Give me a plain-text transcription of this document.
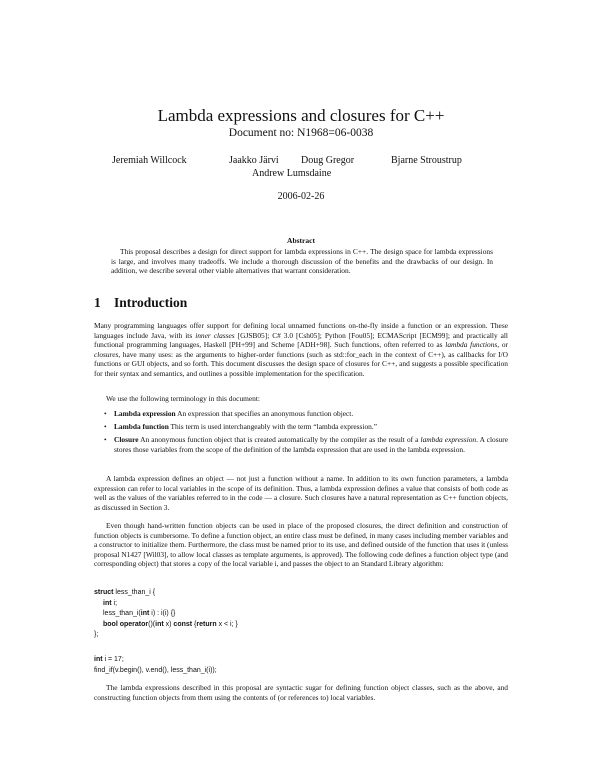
Lambda expressions and closures for C++
Document no: N1968=06-0038
Jeremiah Willcock	Jaakko Järvi Doug Gregor	Bjarne Stroustrup
Andrew Lumsdaine
2006-02-26
Abstract
This proposal describes a design for direct support for lambda expressions in C++. The design space for lambda expressions is large, and involves many tradeoffs. We include a thorough discussion of the benefits and the drawbacks of our design. In addition, we describe several other viable alternatives that warrant consideration.
1 Introduction
Many programming languages offer support for defining local unnamed functions on-the-fly inside a function or an expression. These languages include Java, with its inner classes [GJSB05]; C# 3.0 [Csh05]; Python [Fou05]; ECMAScript [ECM99]; and practically all functional programming languages, Haskell [PH+99] and Scheme [ADH+98]. Such functions, often referred to as lambda functions, or closures, have many uses: as the arguments to higher-order functions (such as std::for_each in the context of C++), as callbacks for I/O functions or GUI objects, and so forth. This document discusses the design space of closures for C++, and suggests a possible specification for their syntax and semantics, and outlines a possible implementation for the specification.
We use the following terminology in this document:
• Lambda expression An expression that specifies an anonymous function object.
• Lambda function This term is used interchangeably with the term “lambda expression.”
• Closure An anonymous function object that is created automatically by the compiler as the result of a lambda expression. A closure stores those variables from the scope of the definition of the lambda expression that are used in the lambda expression.
A lambda expression defines an object — not just a function without a name. In addition to its own function parameters, a lambda expression can refer to local variables in the scope of its definition. Thus, a lambda expression defines a value that consists of both code as well as the values of the variables referred to in the code — a closure. Such closures have a natural representation as C++ function objects, as discussed in Section 3.
Even though hand-written function objects can be used in place of the proposed closures, the direct definition and construction of function objects is cumbersome. To define a function object, an entire class must be defined, in many cases including member variables and a constructor to initialize them. Furthermore, the class must be named prior to its use, and defined outside of the function that uses it (unless proposal N1427 [Wil03], to allow local classes as template arguments, is approved). The following code defines a function object type (and corresponding object) that stores a copy of the local variable i, and passes the object to an Standard Library algorithm:
struct less_than_i {
int i;
less_than_i(int i) : i(i) {}
bool operator()(int x) const {return x < i; }
};
int i = 17;
find_if(v.begin(), v.end(), less_than_i(i));
The lambda expressions described in this proposal are syntactic sugar for defining function object classes, such as the above, and constructing function objects from them using the contents of (or references to) local variables.
